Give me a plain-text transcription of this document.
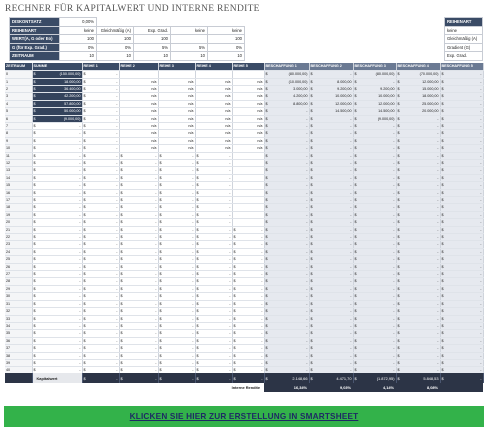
RECHNER FÜR KAPITALWERT UND INTERNE RENDITE
DISKONTSATZ	0,00%				
REIHENART	keine	Gleichmäßig (A)	Exp. Grad.	keine	keine
WERT(A, G oder Eo)	100	100	100		100
G (für Exp. Grad.)	0%	0%	5%	5%	0%
ZEITRAUM	10	10	10	10	10
REIHENART
keine
Gleichmäßig (A)
Gradient (G)
Exp. Grad.
ZEITRAUM	SUMME	REIHE 1	REIHE 2	REIHE 3	REIHE 4	REIHE 5	BESCHAFFUNG 1	BESCHAFFUNG 2	BESCHAFFUNG 3	BESCHAFFUNG 4	BESCHAFFUNG 5
0	$ (150.000,00)	$ -					$ (80.000,00)	$ -	$ (80.000,00)	$ (70.000,00)	$ -

1	$ 18.000,00	$ -	n/a	n/a	n/a	n/a	$ (10.000,00)	$ 8.000,00	$ -	$ 12.000,00	$ -

2	$ 36.400,00	$ -	n/a	n/a	n/a	n/a	$ 3.000,00	$ 9.200,00	$ 9.200,00	$ 15.000,00	$ -

3	$ 42.200,00	$ -	n/a	n/a	n/a	n/a	$ 4.200,00	$ 10.000,00	$ 10.000,00	$ 18.000,00	$ -

4	$ 57.800,00	$ -	n/a	n/a	n/a	n/a	$ 8.800,00	$ 12.000,00	$ 12.000,00	$ 25.000,00	$ -

5	$ 50.000,00	$ -	n/a	n/a	n/a	n/a	$ -	$ 14.500,00	$ 14.500,00	$ 20.000,00	$ -

6	$ (9.000,00)	$ -	n/a	n/a	n/a	n/a	$ -	$ -	$ (9.000,00)	$ -	$ -

7	$ -	$ -	n/a	n/a	n/a	n/a	$ -	$ -	$ -	$ -	$ -

8	$ -	$ -	n/a	n/a	n/a	n/a	$ -	$ -	$ -	$ -	$ -

9	$ -	$ -	n/a	n/a	n/a	n/a	$ -	$ -	$ -	$ -	$ -

10	$ -	$ -	n/a	n/a	n/a	n/a	$ -	$ -	$ -	$ -	$ -

11	$ -	$ -	$ -	$ -	$ -		$ -	$ -	$ -	$ -	$ -

12	$ -	$ -	$ -	$ -	$ -		$ -	$ -	$ -	$ -	$ -

13	$ -	$ -	$ -	$ -	$ -		$ -	$ -	$ -	$ -	$ -

14	$ -	$ -	$ -	$ -	$ -		$ -	$ -	$ -	$ -	$ -

15	$ -	$ -	$ -	$ -	$ -		$ -	$ -	$ -	$ -	$ -

16	$ -	$ -	$ -	$ -	$ -		$ -	$ -	$ -	$ -	$ -

17	$ -	$ -	$ -	$ -	$ -		$ -	$ -	$ -	$ -	$ -

18	$ -	$ -	$ -	$ -	$ -		$ -	$ -	$ -	$ -	$ -

19	$ -	$ -	$ -	$ -	$ -		$ -	$ -	$ -	$ -	$ -

20	$ -	$ -	$ -	$ -	$ -		$ -	$ -	$ -	$ -	$ -

21	$ -	$ -	$ -	$ -	$ -	$ -	$ -	$ -	$ -	$ -	$ -

22	$ -	$ -	$ -	$ -	$ -	$ -	$ -	$ -	$ -	$ -	$ -

23	$ -	$ -	$ -	$ -	$ -	$ -	$ -	$ -	$ -	$ -	$ -

24	$ -	$ -	$ -	$ -	$ -	$ -	$ -	$ -	$ -	$ -	$ -

25	$ -	$ -	$ -	$ -	$ -	$ -	$ -	$ -	$ -	$ -	$ -

26	$ -	$ -	$ -	$ -	$ -	$ -	$ -	$ -	$ -	$ -	$ -

27	$ -	$ -	$ -	$ -	$ -	$ -	$ -	$ -	$ -	$ -	$ -

28	$ -	$ -	$ -	$ -	$ -	$ -	$ -	$ -	$ -	$ -	$ -

29	$ -	$ -	$ -	$ -	$ -	$ -	$ -	$ -	$ -	$ -	$ -

30	$ -	$ -	$ -	$ -	$ -	$ -	$ -	$ -	$ -	$ -	$ -

31	$ -	$ -	$ -	$ -	$ -	$ -	$ -	$ -	$ -	$ -	$ -

32	$ -	$ -	$ -	$ -	$ -	$ -	$ -	$ -	$ -	$ -	$ -

33	$ -	$ -	$ -	$ -	$ -	$ -	$ -	$ -	$ -	$ -	$ -

34	$ -	$ -	$ -	$ -	$ -	$ -	$ -	$ -	$ -	$ -	$ -

35	$ -	$ -	$ -	$ -	$ -	$ -	$ -	$ -	$ -	$ -	$ -

36	$ -	$ -	$ -	$ -	$ -	$ -	$ -	$ -	$ -	$ -	$ -

37	$ -	$ -	$ -	$ -	$ -	$ -	$ -	$ -	$ -	$ -	$ -

38	$ -	$ -	$ -	$ -	$ -	$ -	$ -	$ -	$ -	$ -	$ -

39	$ -	$ -	$ -	$ -	$ -	$ -	$ -	$ -	$ -	$ -	$ -

40	$ -	$ -	$ -	$ -	$ -	$ -	$ -	$ -	$ -	$ -	$ -
	Kapitalwert	$ -	$ -	$ -	$ -	$ -	$ 2.148,66	$ 4.471,70	$ (1.872,95)	$ 5.848,53	$ -

					Interne Rendite		16,34%	9,03%	4,14%	8,08%	
KLICKEN SIE HIER ZUR ERSTELLUNG IN SMARTSHEET
